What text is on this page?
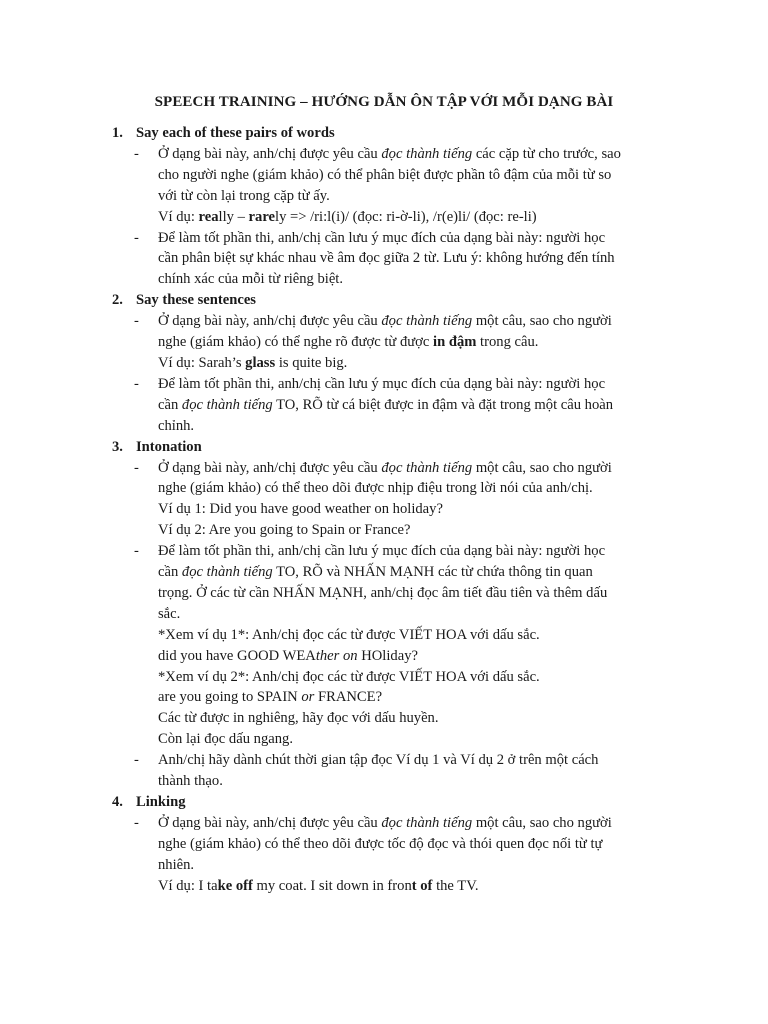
SPEECH TRAINING – HƯỚNG DẪN ÔN TẬP VỚI MỖI DẠNG BÀI
1. Say each of these pairs of words
- Ở dạng bài này, anh/chị được yêu cầu đọc thành tiếng các cặp từ cho trước, sao
cho người nghe (giám khảo) có thể phân biệt được phần tô đậm của mỗi từ so
với từ còn lại trong cặp từ ấy.
Ví dụ: really – rarely => /ri:l(i)/ (đọc: ri-ờ-li), /r(e)li/ (đọc: re-li)
- Để làm tốt phần thi, anh/chị cần lưu ý mục đích của dạng bài này: người học
cần phân biệt sự khác nhau về âm đọc giữa 2 từ. Lưu ý: không hướng đến tính
chính xác của mỗi từ riêng biệt.
2. Say these sentences
- Ở dạng bài này, anh/chị được yêu cầu đọc thành tiếng một câu, sao cho người
nghe (giám khảo) có thể nghe rõ được từ được in đậm trong câu.
Ví dụ: Sarah’s glass is quite big.
- Để làm tốt phần thi, anh/chị cần lưu ý mục đích của dạng bài này: người học
cần đọc thành tiếng TO, RÕ từ cá biệt được in đậm và đặt trong một câu hoàn
chỉnh.
3. Intonation
- Ở dạng bài này, anh/chị được yêu cầu đọc thành tiếng một câu, sao cho người
nghe (giám khảo) có thể theo dõi được nhịp điệu trong lời nói của anh/chị.
Ví dụ 1: Did you have good weather on holiday?
Ví dụ 2: Are you going to Spain or France?
- Để làm tốt phần thi, anh/chị cần lưu ý mục đích của dạng bài này: người học
cần đọc thành tiếng TO, RÕ và NHẤN MẠNH các từ chứa thông tin quan
trọng. Ở các từ cần NHẤN MẠNH, anh/chị đọc âm tiết đầu tiên và thêm dấu
sắc.
*Xem ví dụ 1*: Anh/chị đọc các từ được VIẾT HOA với dấu sắc.
did you have GOOD WEAther on HOliday?
*Xem ví dụ 2*: Anh/chị đọc các từ được VIẾT HOA với dấu sắc.
are you going to SPAIN or FRANCE?
Các từ được in nghiêng, hãy đọc với dấu huyền.
Còn lại đọc dấu ngang.
- Anh/chị hãy dành chút thời gian tập đọc Ví dụ 1 và Ví dụ 2 ở trên một cách
thành thạo.
4. Linking
- Ở dạng bài này, anh/chị được yêu cầu đọc thành tiếng một câu, sao cho người
nghe (giám khảo) có thể theo dõi được tốc độ đọc và thói quen đọc nối từ tự
nhiên.
Ví dụ: I take off my coat. I sit down in front of the TV.
